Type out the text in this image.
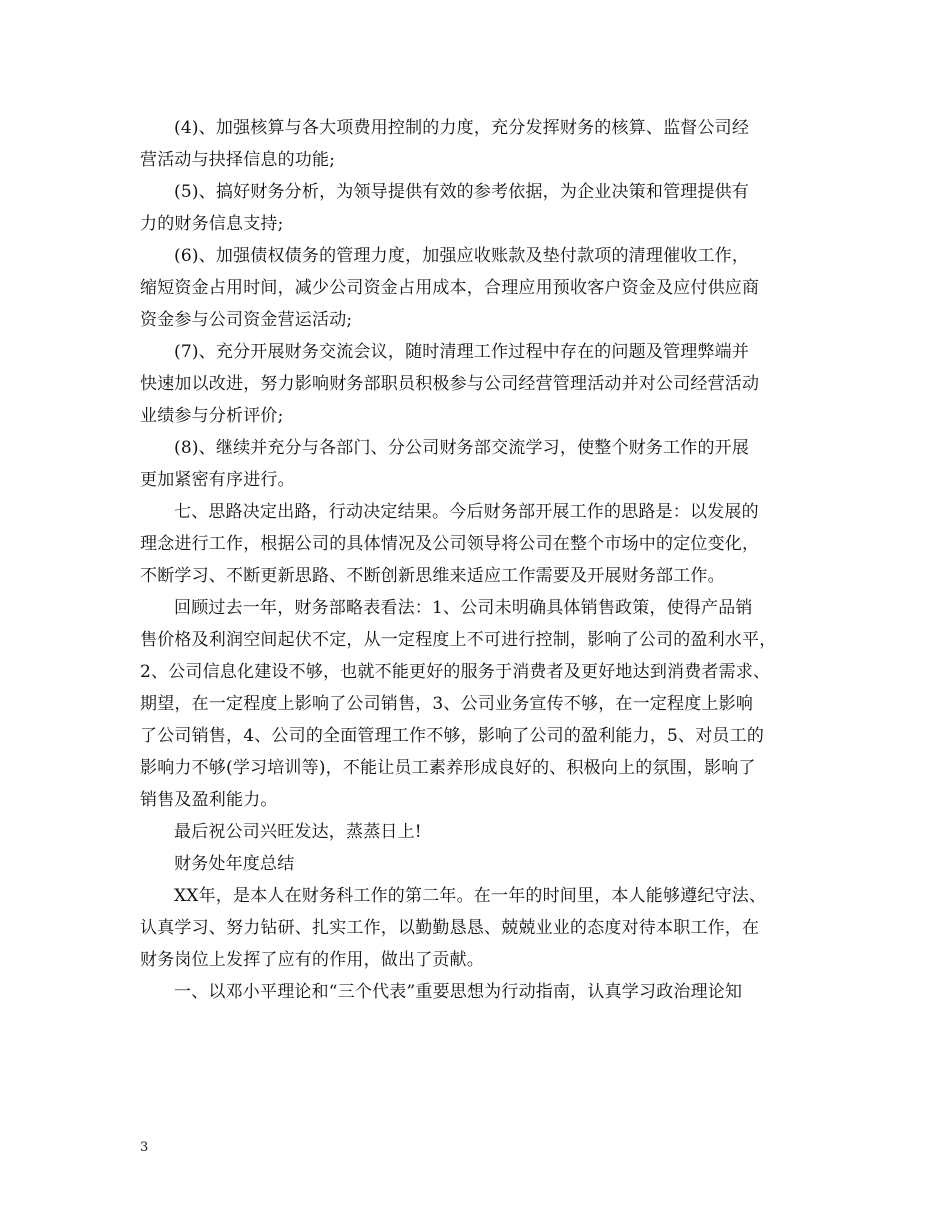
(4)、加强核算与各大项费用控制的力度，充分发挥财务的核算、监督公司经
营活动与抉择信息的功能;
(5)、搞好财务分析，为领导提供有效的参考依据，为企业决策和管理提供有
力的财务信息支持;
(6)、加强债权债务的管理力度，加强应收账款及垫付款项的清理催收工作，
缩短资金占用时间，减少公司资金占用成本，合理应用预收客户资金及应付供应商
资金参与公司资金营运活动;
(7)、充分开展财务交流会议，随时清理工作过程中存在的问题及管理弊端并
快速加以改进，努力影响财务部职员积极参与公司经营管理活动并对公司经营活动
业绩参与分析评价;
(8)、继续并充分与各部门、分公司财务部交流学习，使整个财务工作的开展
更加紧密有序进行。
七、思路决定出路，行动决定结果。今后财务部开展工作的思路是：以发展的
理念进行工作，根据公司的具体情况及公司领导将公司在整个市场中的定位变化，
不断学习、不断更新思路、不断创新思维来适应工作需要及开展财务部工作。
回顾过去一年，财务部略表看法：1、公司未明确具体销售政策，使得产品销
售价格及利润空间起伏不定，从一定程度上不可进行控制，影响了公司的盈利水平，
2、公司信息化建设不够，也就不能更好的服务于消费者及更好地达到消费者需求、
期望，在一定程度上影响了公司销售，3、公司业务宣传不够，在一定程度上影响
了公司销售，4、公司的全面管理工作不够，影响了公司的盈利能力，5、对员工的
影响力不够(学习培训等)，不能让员工素养形成良好的、积极向上的氛围，影响了
销售及盈利能力。
最后祝公司兴旺发达，蒸蒸日上!
财务处年度总结
XX年，是本人在财务科工作的第二年。在一年的时间里，本人能够遵纪守法、
认真学习、努力钻研、扎实工作，以勤勤恳恳、兢兢业业的态度对待本职工作，在
财务岗位上发挥了应有的作用，做出了贡献。
一、以邓小平理论和“三个代表”重要思想为行动指南，认真学习政治理论知
3
